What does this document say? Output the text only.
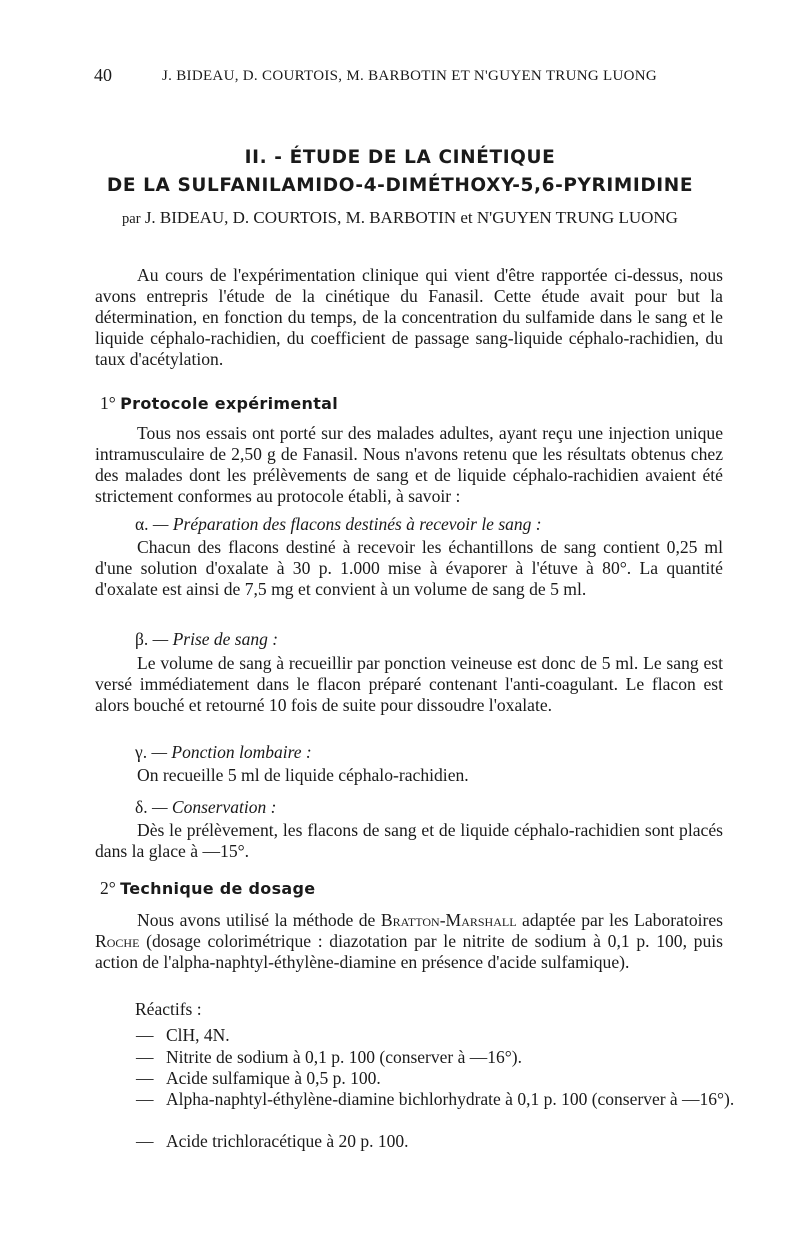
40	J. BIDEAU, D. COURTOIS, M. BARBOTIN ET N'GUYEN TRUNG LUONG
II. - ÉTUDE DE LA CINÉTIQUE
DE LA SULFANILAMIDO-4-DIMÉTHOXY-5,6-PYRIMIDINE
par J. BIDEAU, D. COURTOIS, M. BARBOTIN et N'GUYEN TRUNG LUONG

Au cours de l'expérimentation clinique qui vient d'être rapportée ci-dessus, nous avons entrepris l'étude de la cinétique du Fanasil. Cette étude avait pour but la détermination, en fonction du temps, de la concentration du sulfamide dans le sang et le liquide céphalo-rachidien, du coefficient de passage sang-liquide céphalo-rachidien, du taux d'acétylation.

1° Protocole expérimental

Tous nos essais ont porté sur des malades adultes, ayant reçu une injection unique intramusculaire de 2,50 g de Fanasil. Nous n'avons retenu que les résultats obtenus chez des malades dont les prélèvements de sang et de liquide céphalo-rachidien avaient été strictement conformes au protocole établi, à savoir :

α. — Préparation des flacons destinés à recevoir le sang :

Chacun des flacons destiné à recevoir les échantillons de sang contient 0,25 ml d'une solution d'oxalate à 30 p. 1.000 mise à évaporer à l'étuve à 80°. La quantité d'oxalate est ainsi de 7,5 mg et convient à un volume de sang de 5 ml.

β. — Prise de sang :

Le volume de sang à recueillir par ponction veineuse est donc de 5 ml. Le sang est versé immédiatement dans le flacon préparé contenant l'anti-coagulant. Le flacon est alors bouché et retourné 10 fois de suite pour dissoudre l'oxalate.

γ. — Ponction lombaire :

On recueille 5 ml de liquide céphalo-rachidien.

δ. — Conservation :

Dès le prélèvement, les flacons de sang et de liquide céphalo-rachidien sont placés dans la glace à —15°.

2° Technique de dosage

Nous avons utilisé la méthode de Bratton-Marshall adaptée par les Laboratoires Roche (dosage colorimétrique : diazotation par le nitrite de sodium à 0,1 p. 100, puis action de l'alpha-naphtyl-éthylène-diamine en présence d'acide sulfamique).

Réactifs :
— ClH, 4N.
— Nitrite de sodium à 0,1 p. 100 (conserver à —16°).
— Acide sulfamique à 0,5 p. 100.
— Alpha-naphtyl-éthylène-diamine bichlorhydrate à 0,1 p. 100 (conserver à —16°).
— Acide trichloracétique à 20 p. 100.
